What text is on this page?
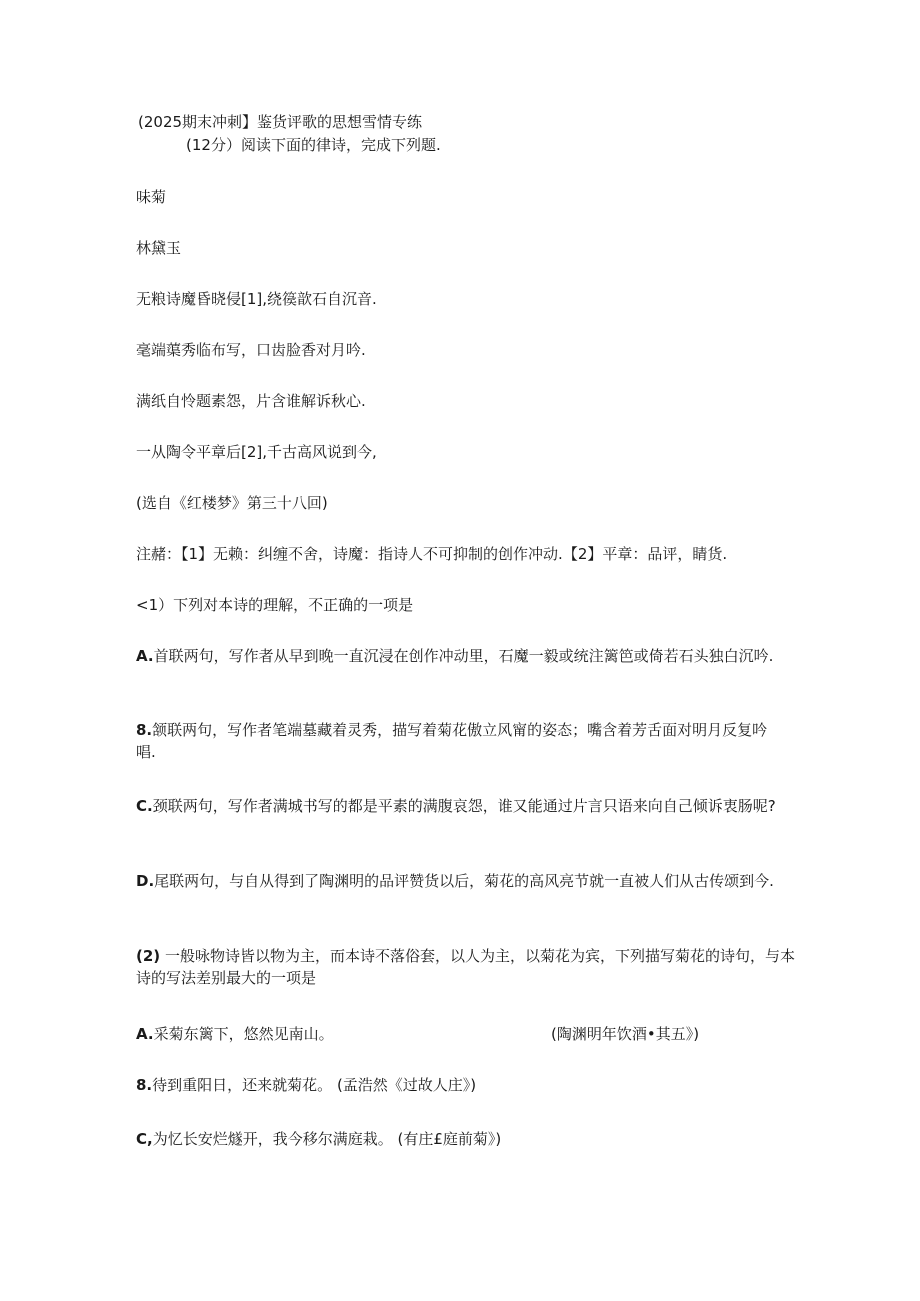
(2025期末冲刺】鉴货评歌的思想雪情专练
(12分）阅读下面的律诗，完成下列题.
味菊
林黛玉
无粮诗魔昏晓侵[1],绕篌歆石自沉音.
毫端蕖秀临布写，口齿脸香对月吟.
满纸自怜题素怨，片含谁解诉秋心.
一从陶令平章后[2],千古高风说到今,
(选自《红楼梦》第三十八回)
注赭：【1】无赖：纠缠不舍，诗魔：指诗人不可抑制的创作冲动.【2】平章：品评，睛货.
<1）下列对本诗的理解，不正确的一项是
A.首联两句，写作者从早到晚一直沉浸在创作冲动里，石魔一毅或统注篱笆或倚若石头独白沉吟.
8.颔联两句，写作者笔端墓藏着灵秀，描写着菊花傲立风甯的姿态；嘴含着芳舌面对明月反复吟唱.
C.颈联两句，写作者满城书写的都是平素的满腹哀怨，谁又能通过片言只语来向自己倾诉衷肠呢?
D.尾联两句，与自从得到了陶渊明的品评赞货以后，菊花的高风亮节就一直被人们从古传颂到今.
(2) 一般咏物诗皆以物为主，而本诗不落俗套，以人为主，以菊花为宾，下列描写菊花的诗句，与本诗的写法差别最大的一项是
A.采菊东篱下，悠然见南山。	(陶渊明年饮酒•其五》)
8.待到重阳日，还来就菊花。 (孟浩然《过故人庄》)
C,为忆长安烂燧开，我今移尔满庭栽。 (有庄£庭前菊》)
